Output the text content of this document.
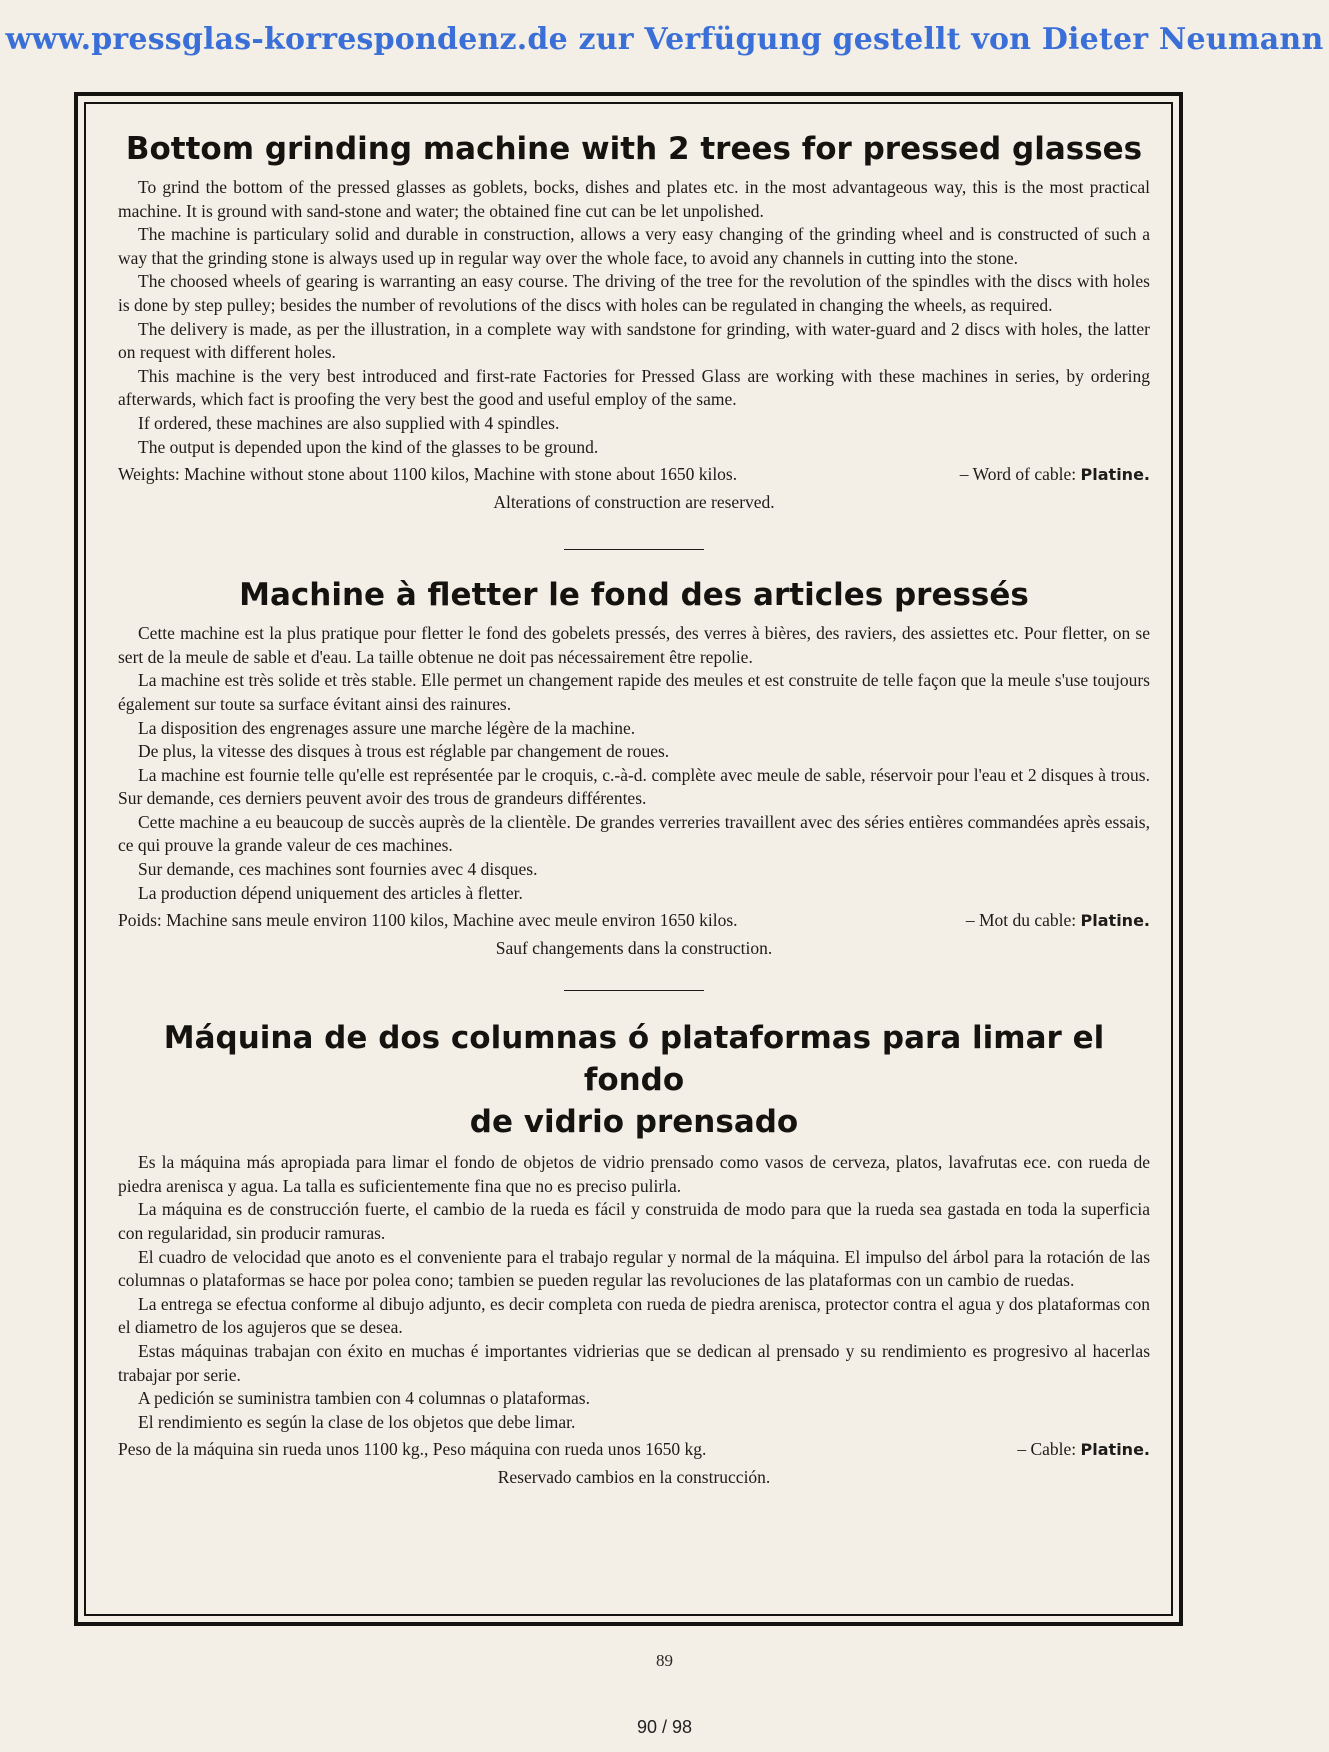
www.pressglas-korrespondenz.de zur Verfügung gestellt von Dieter Neumann
Bottom grinding machine with 2 trees for pressed glasses

To grind the bottom of the pressed glasses as goblets, bocks, dishes and plates etc. in the most advantageous way, this is the most practical machine. It is ground with sand-stone and water; the obtained fine cut can be let unpolished.

The machine is particulary solid and durable in construction, allows a very easy changing of the grinding wheel and is constructed of such a way that the grinding stone is always used up in regular way over the whole face, to avoid any channels in cutting into the stone.

The choosed wheels of gearing is warranting an easy course. The driving of the tree for the revolution of the spindles with the discs with holes is done by step pulley; besides the number of revolutions of the discs with holes can be regulated in changing the wheels, as required.

The delivery is made, as per the illustration, in a complete way with sandstone for grinding, with water-guard and 2 discs with holes, the latter on request with different holes.

This machine is the very best introduced and first-rate Factories for Pressed Glass are working with these machines in series, by ordering afterwards, which fact is proofing the very best the good and useful employ of the same.

If ordered, these machines are also supplied with 4 spindles.

The output is depended upon the kind of the glasses to be ground.

Weights: Machine without stone about 1100 kilos, Machine with stone about 1650 kilos.	– Word of cable: Platine.
Alterations of construction are reserved.
Machine à fletter le fond des articles pressés

Cette machine est la plus pratique pour fletter le fond des gobelets pressés, des verres à bières, des raviers, des assiettes etc. Pour fletter, on se sert de la meule de sable et d'eau. La taille obtenue ne doit pas nécessairement être repolie.

La machine est très solide et très stable. Elle permet un changement rapide des meules et est construite de telle façon que la meule s'use toujours également sur toute sa surface évitant ainsi des rainures.

La disposition des engrenages assure une marche légère de la machine.

De plus, la vitesse des disques à trous est réglable par changement de roues.

La machine est fournie telle qu'elle est représentée par le croquis, c.-à-d. complète avec meule de sable, réservoir pour l'eau et 2 disques à trous. Sur demande, ces derniers peuvent avoir des trous de grandeurs différentes.

Cette machine a eu beaucoup de succès auprès de la clientèle. De grandes verreries travaillent avec des séries entières commandées après essais, ce qui prouve la grande valeur de ces machines.

Sur demande, ces machines sont fournies avec 4 disques.

La production dépend uniquement des articles à fletter.

Poids: Machine sans meule environ 1100 kilos, Machine avec meule environ 1650 kilos.	– Mot du cable: Platine.
Sauf changements dans la construction.
Máquina de dos columnas ó plataformas para limar el fondo
de vidrio prensado

Es la máquina más apropiada para limar el fondo de objetos de vidrio prensado como vasos de cerveza, platos, lavafrutas ece. con rueda de piedra arenisca y agua. La talla es suficientemente fina que no es preciso pulirla.

La máquina es de construcción fuerte, el cambio de la rueda es fácil y construida de modo para que la rueda sea gastada en toda la superficia con regularidad, sin producir ramuras.

El cuadro de velocidad que anoto es el conveniente para el trabajo regular y normal de la máquina. El impulso del árbol para la rotación de las columnas o plataformas se hace por polea cono; tambien se pueden regular las revoluciones de las plataformas con un cambio de ruedas.

La entrega se efectua conforme al dibujo adjunto, es decir completa con rueda de piedra arenisca, protector contra el agua y dos plataformas con el diametro de los agujeros que se desea.

Estas máquinas trabajan con éxito en muchas é importantes vidrierias que se dedican al prensado y su rendimiento es progresivo al hacerlas trabajar por serie.

A pedición se suministra tambien con 4 columnas o plataformas.

El rendimiento es según la clase de los objetos que debe limar.

Peso de la máquina sin rueda unos 1100 kg., Peso máquina con rueda unos 1650 kg.	– Cable: Platine.
Reservado cambios en la construcción.
89
90 / 98
